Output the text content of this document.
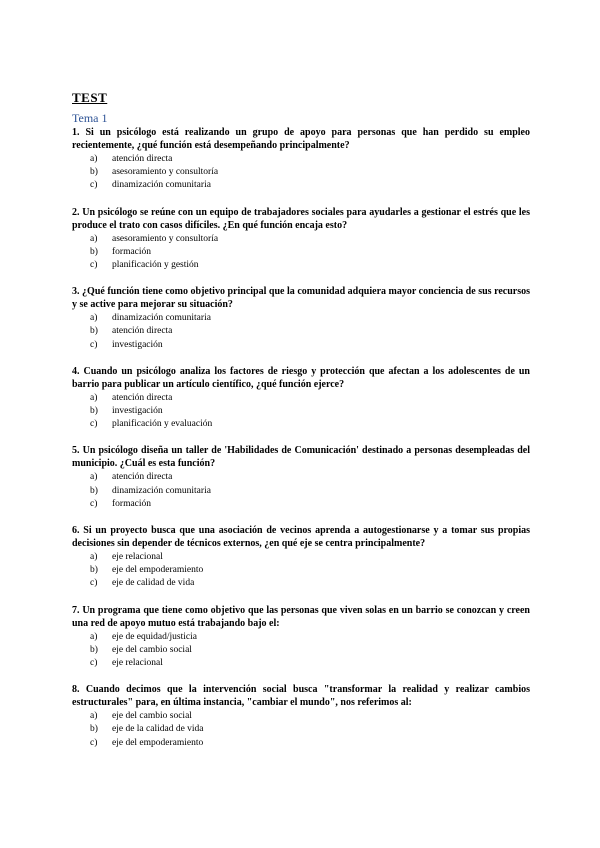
TEST
Tema 1

1. Si un psicólogo está realizando un grupo de apoyo para personas que han perdido su empleo recientemente, ¿qué función está desempeñando principalmente?

a)	atención directa
b)	asesoramiento y consultoría
c)	dinamización comunitaria

2. Un psicólogo se reúne con un equipo de trabajadores sociales para ayudarles a gestionar el estrés que les produce el trato con casos difíciles. ¿En qué función encaja esto?

a)	asesoramiento y consultoría
b)	formación
c)	planificación y gestión

3. ¿Qué función tiene como objetivo principal que la comunidad adquiera mayor conciencia de sus recursos y se active para mejorar su situación?

a)	dinamización comunitaria
b)	atención directa
c)	investigación

4. Cuando un psicólogo analiza los factores de riesgo y protección que afectan a los adolescentes de un barrio para publicar un artículo científico, ¿qué función ejerce?

a)	atención directa
b)	investigación
c)	planificación y evaluación

5. Un psicólogo diseña un taller de 'Habilidades de Comunicación' destinado a personas desempleadas del municipio. ¿Cuál es esta función?

a)	atención directa
b)	dinamización comunitaria
c)	formación

6. Si un proyecto busca que una asociación de vecinos aprenda a autogestionarse y a tomar sus propias decisiones sin depender de técnicos externos, ¿en qué eje se centra principalmente?

a)	eje relacional
b)	eje del empoderamiento
c)	eje de calidad de vida

7. Un programa que tiene como objetivo que las personas que viven solas en un barrio se conozcan y creen una red de apoyo mutuo está trabajando bajo el:

a)	eje de equidad/justicia
b)	eje del cambio social
c)	eje relacional

8. Cuando decimos que la intervención social busca "transformar la realidad y realizar cambios estructurales" para, en última instancia, "cambiar el mundo", nos referimos al:

a)	eje del cambio social
b)	eje de la calidad de vida
c)	eje del empoderamiento
